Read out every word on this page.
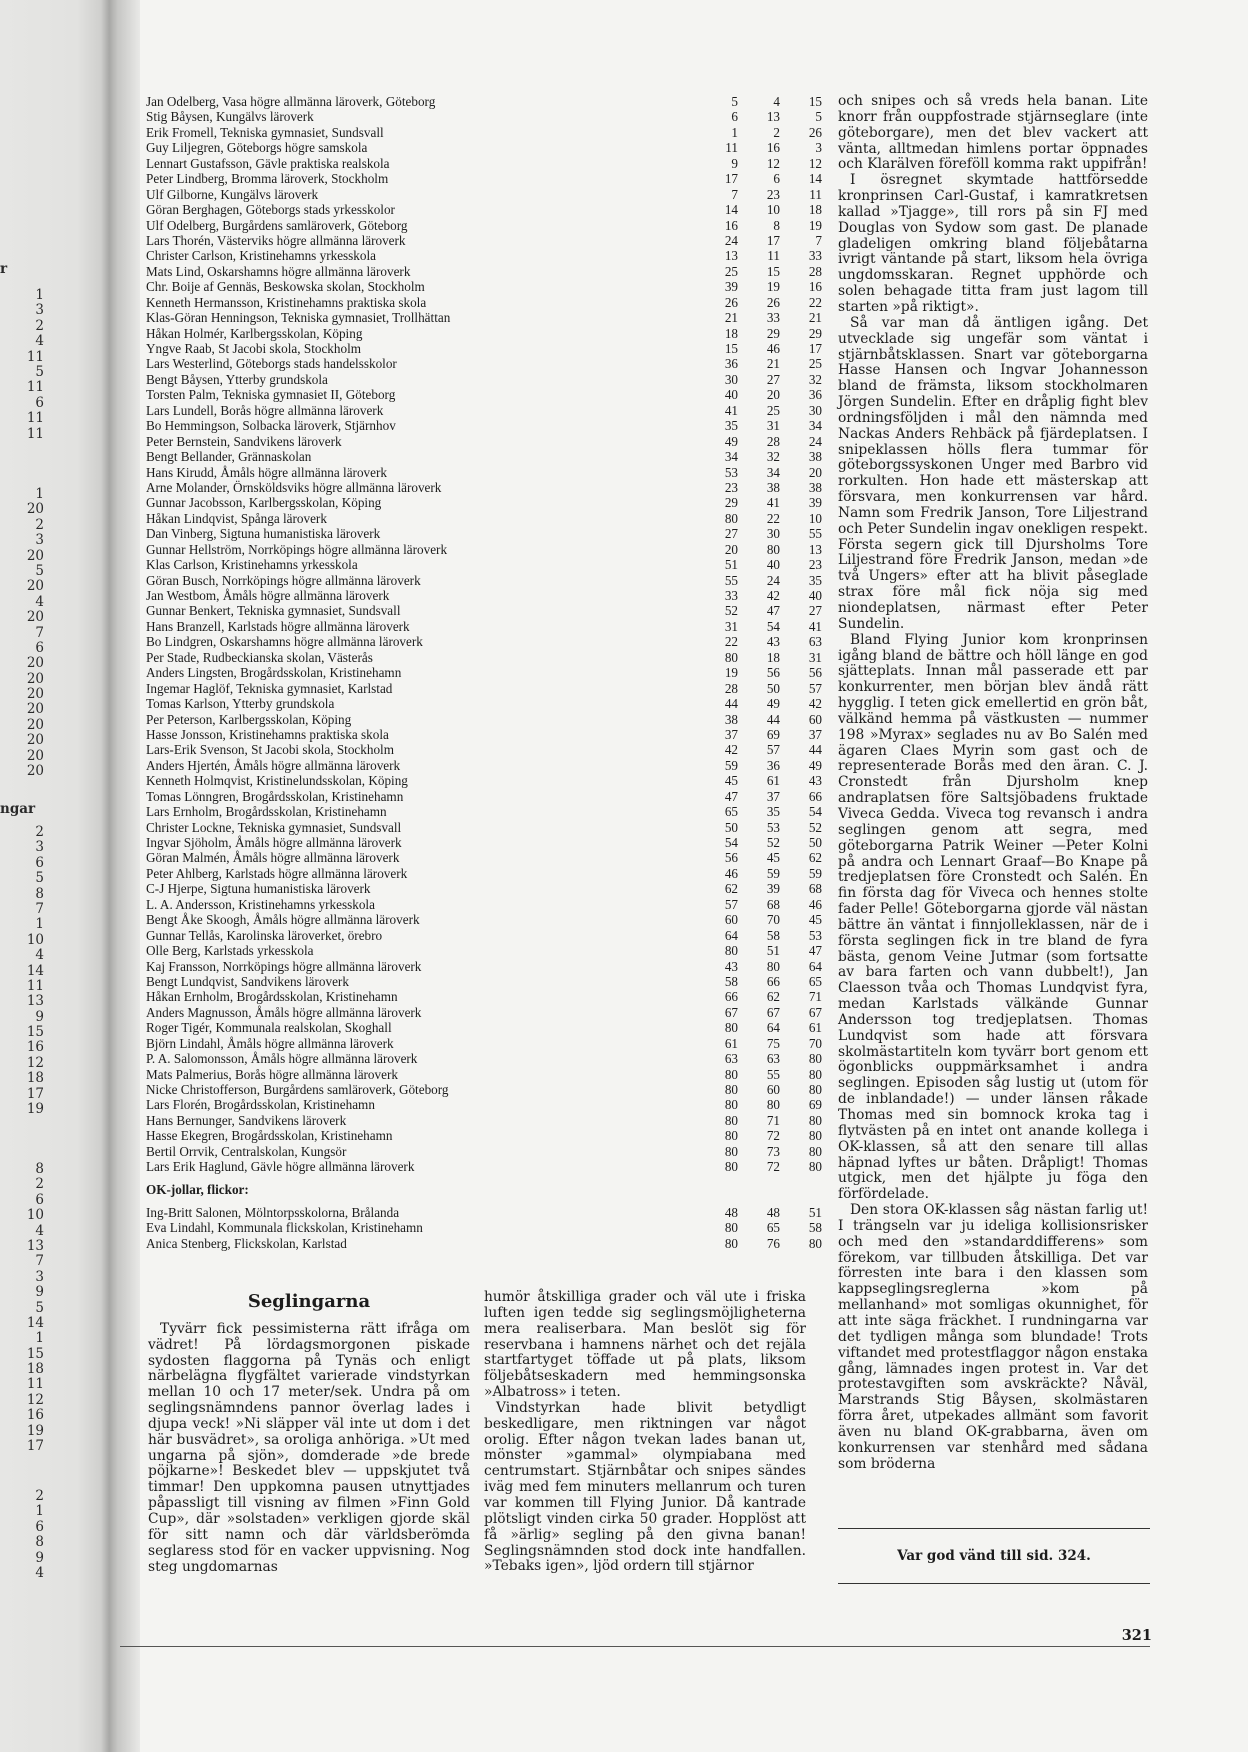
r
ngar
1
3
2
4
11
5
11
6
11
11
1
20
2
3
20
5
20
4
20
7
6
20
20
20
20
20
20
20
20
2
3
6
5
8
7
1
10
4
14
11
13
9
15
16
12
18
17
19
8
2
6
10
4
13
7
3
9
5
14
1
15
18
11
12
16
19
17
2
1
6
8
9
4
Jan Odelberg, Vasa högre allmänna läroverk, Göteborg	5	4	15
Stig Båysen, Kungälvs läroverk	6	13	5
Erik Fromell, Tekniska gymnasiet, Sundsvall	1	2	26
Guy Liljegren, Göteborgs högre samskola	11	16	3
Lennart Gustafsson, Gävle praktiska realskola	9	12	12
Peter Lindberg, Bromma läroverk, Stockholm	17	6	14
Ulf Gilborne, Kungälvs läroverk	7	23	11
Göran Berghagen, Göteborgs stads yrkesskolor	14	10	18
Ulf Odelberg, Burgårdens samläroverk, Göteborg	16	8	19
Lars Thorén, Västerviks högre allmänna läroverk	24	17	7
Christer Carlson, Kristinehamns yrkesskola	13	11	33
Mats Lind, Oskarshamns högre allmänna läroverk	25	15	28
Chr. Boije af Gennäs, Beskowska skolan, Stockholm	39	19	16
Kenneth Hermansson, Kristinehamns praktiska skola	26	26	22
Klas-Göran Henningson, Tekniska gymnasiet, Trollhättan	21	33	21
Håkan Holmér, Karlbergsskolan, Köping	18	29	29
Yngve Raab, St Jacobi skola, Stockholm	15	46	17
Lars Westerlind, Göteborgs stads handelsskolor	36	21	25
Bengt Båysen, Ytterby grundskola	30	27	32
Torsten Palm, Tekniska gymnasiet II, Göteborg	40	20	36
Lars Lundell, Borås högre allmänna läroverk	41	25	30
Bo Hemmingson, Solbacka läroverk, Stjärnhov	35	31	34
Peter Bernstein, Sandvikens läroverk	49	28	24
Bengt Bellander, Grännaskolan	34	32	38
Hans Kirudd, Åmåls högre allmänna läroverk	53	34	20
Arne Molander, Örnsköldsviks högre allmänna läroverk	23	38	38
Gunnar Jacobsson, Karlbergsskolan, Köping	29	41	39
Håkan Lindqvist, Spånga läroverk	80	22	10
Dan Vinberg, Sigtuna humanistiska läroverk	27	30	55
Gunnar Hellström, Norrköpings högre allmänna läroverk	20	80	13
Klas Carlson, Kristinehamns yrkesskola	51	40	23
Göran Busch, Norrköpings högre allmänna läroverk	55	24	35
Jan Westbom, Åmåls högre allmänna läroverk	33	42	40
Gunnar Benkert, Tekniska gymnasiet, Sundsvall	52	47	27
Hans Branzell, Karlstads högre allmänna läroverk	31	54	41
Bo Lindgren, Oskarshamns högre allmänna läroverk	22	43	63
Per Stade, Rudbeckianska skolan, Västerås	80	18	31
Anders Lingsten, Brogårdsskolan, Kristinehamn	19	56	56
Ingemar Haglöf, Tekniska gymnasiet, Karlstad	28	50	57
Tomas Karlson, Ytterby grundskola	44	49	42
Per Peterson, Karlbergsskolan, Köping	38	44	60
Hasse Jonsson, Kristinehamns praktiska skola	37	69	37
Lars-Erik Svenson, St Jacobi skola, Stockholm	42	57	44
Anders Hjertén, Åmåls högre allmänna läroverk	59	36	49
Kenneth Holmqvist, Kristinelundsskolan, Köping	45	61	43
Tomas Lönngren, Brogårdsskolan, Kristinehamn	47	37	66
Lars Ernholm, Brogårdsskolan, Kristinehamn	65	35	54
Christer Lockne, Tekniska gymnasiet, Sundsvall	50	53	52
Ingvar Sjöholm, Åmåls högre allmänna läroverk	54	52	50
Göran Malmén, Åmåls högre allmänna läroverk	56	45	62
Peter Ahlberg, Karlstads högre allmänna läroverk	46	59	59
C-J Hjerpe, Sigtuna humanistiska läroverk	62	39	68
L. A. Andersson, Kristinehamns yrkesskola	57	68	46
Bengt Åke Skoogh, Åmåls högre allmänna läroverk	60	70	45
Gunnar Tellås, Karolinska läroverket, örebro	64	58	53
Olle Berg, Karlstads yrkesskola	80	51	47
Kaj Fransson, Norrköpings högre allmänna läroverk	43	80	64
Bengt Lundqvist, Sandvikens läroverk	58	66	65
Håkan Ernholm, Brogårdsskolan, Kristinehamn	66	62	71
Anders Magnusson, Åmåls högre allmänna läroverk	67	67	67
Roger Tigér, Kommunala realskolan, Skoghall	80	64	61
Björn Lindahl, Åmåls högre allmänna läroverk	61	75	70
P. A. Salomonsson, Åmåls högre allmänna läroverk	63	63	80
Mats Palmerius, Borås högre allmänna läroverk	80	55	80
Nicke Christofferson, Burgårdens samläroverk, Göteborg	80	60	80
Lars Florén, Brogårdsskolan, Kristinehamn	80	80	69
Hans Bernunger, Sandvikens läroverk	80	71	80
Hasse Ekegren, Brogårdsskolan, Kristinehamn	80	72	80
Bertil Orrvik, Centralskolan, Kungsör	80	73	80
Lars Erik Haglund, Gävle högre allmänna läroverk	80	72	80
OK-jollar, flickor:
Ing-Britt Salonen, Mölntorpsskolorna, Brålanda	48	48	51
Eva Lindahl, Kommunala flickskolan, Kristinehamn	80	65	58
Anica Stenberg, Flickskolan, Karlstad	80	76	80

och snipes och så vreds hela banan. Lite knorr från ouppfostrade stjärnseglare (inte göteborgare), men det blev vackert att vänta, alltmedan himlens portar öppnades och Klarälven föreföll komma rakt uppifrån!

I ösregnet skymtade hattförsedde kronprinsen Carl-Gustaf, i kamratkretsen kallad »Tjagge», till rors på sin FJ med Douglas von Sydow som gast. De planade gladeligen omkring bland följebåtarna ivrigt väntande på start, liksom hela övriga ungdomsskaran. Regnet upphörde och solen behagade titta fram just lagom till starten »på riktigt».

Så var man då äntligen igång. Det utvecklade sig ungefär som väntat i stjärnbåtsklassen. Snart var göteborgarna Hasse Hansen och Ingvar Johannesson bland de främsta, liksom stockholmaren Jörgen Sundelin. Efter en dråplig fight blev ordningsföljden i mål den nämnda med Nackas Anders Rehbäck på fjärdeplatsen. I snipeklassen hölls flera tummar för göteborgssyskonen Unger med Barbro vid rorkulten. Hon hade ett mästerskap att försvara, men konkurrensen var hård. Namn som Fredrik Janson, Tore Liljestrand och Peter Sundelin ingav onekligen respekt. Första segern gick till Djursholms Tore Liljestrand före Fredrik Janson, medan »de två Ungers» efter att ha blivit påseglade strax före mål fick nöja sig med niondeplatsen, närmast efter Peter Sundelin.

Bland Flying Junior kom kronprinsen igång bland de bättre och höll länge en god sjätteplats. Innan mål passerade ett par konkurrenter, men början blev ändå rätt hygglig. I teten gick emellertid en grön båt, välkänd hemma på västkusten — nummer 198 »Myrax» seglades nu av Bo Salén med ägaren Claes Myrin som gast och de representerade Borås med den äran. C. J. Cronstedt från Djursholm knep andraplatsen före Saltsjöbadens fruktade Viveca Gedda. Viveca tog revansch i andra seglingen genom att segra, med göteborgarna Patrik Weiner —Peter Kolni på andra och Lennart Graaf—Bo Knape på tredjeplatsen före Cronstedt och Salén. En fin första dag för Viveca och hennes stolte fader Pelle! Göteborgarna gjorde väl nästan bättre än väntat i finnjolleklassen, när de i första seglingen fick in tre bland de fyra bästa, genom Veine Jutmar (som fortsatte av bara farten och vann dubbelt!), Jan Claesson tvåa och Thomas Lundqvist fyra, medan Karlstads välkände Gunnar Andersson tog tredjeplatsen. Thomas Lundqvist som hade att försvara skolmästartiteln kom tyvärr bort genom ett ögonblicks ouppmärksamhet i andra seglingen. Episoden såg lustig ut (utom för de inblandade!) — under länsen råkade Thomas med sin bomnock kroka tag i flytvästen på en intet ont anande kollega i OK-klassen, så att den senare till allas häpnad lyftes ur båten. Dråpligt! Thomas utgick, men det hjälpte ju föga den förfördelade.

Den stora OK-klassen såg nästan farlig ut! I trängseln var ju ideliga kollisionsrisker och med den »standarddifferens» som förekom, var tillbuden åtskilliga. Det var förresten inte bara i den klassen som kappseglingsreglerna »kom på mellanhand» mot somligas okunnighet, för att inte säga fräckhet. I rundningarna var det tydligen många som blundade! Trots viftandet med protestflaggor någon enstaka gång, lämnades ingen protest in. Var det protestavgiften som avskräckte? Nåväl, Marstrands Stig Båysen, skolmästaren förra året, utpekades allmänt som favorit även nu bland OK-grabbarna, även om konkurrensen var stenhård med sådana som bröderna

Seglingarna

Tyvärr fick pessimisterna rätt ifråga om vädret! På lördagsmorgonen piskade sydosten flaggorna på Tynäs och enligt närbelägna flygfältet varierade vindstyrkan mellan 10 och 17 meter/sek. Undra på om seglingsnämndens pannor överlag lades i djupa veck! »Ni släpper väl inte ut dom i det här busvädret», sa oroliga anhöriga. »Ut med ungarna på sjön», domderade »de brede pöjkarne»! Beskedet blev — uppskjutet två timmar! Den uppkomna pausen utnyttjades påpassligt till visning av filmen »Finn Gold Cup», där »solstaden» verkligen gjorde skäl för sitt namn och där världsberömda seglaress stod för en vacker uppvisning. Nog steg ungdomarnas

humör åtskilliga grader och väl ute i friska luften igen tedde sig seglingsmöjligheterna mera realiserbara. Man beslöt sig för reservbana i hamnens närhet och det rejäla startfartyget töffade ut på plats, liksom följebåtseskadern med hemmingsonska »Albatross» i teten.

Vindstyrkan hade blivit betydligt beskedligare, men riktningen var något orolig. Efter någon tvekan lades banan ut, mönster »gammal» olympiabana med centrumstart. Stjärnbåtar och snipes sändes iväg med fem minuters mellanrum och turen var kommen till Flying Junior. Då kantrade plötsligt vinden cirka 50 grader. Hopplöst att få »ärlig» segling på den givna banan! Seglingsnämnden stod dock inte handfallen. »Tebaks igen», ljöd ordern till stjärnor

Var god vänd till sid. 324.
321
